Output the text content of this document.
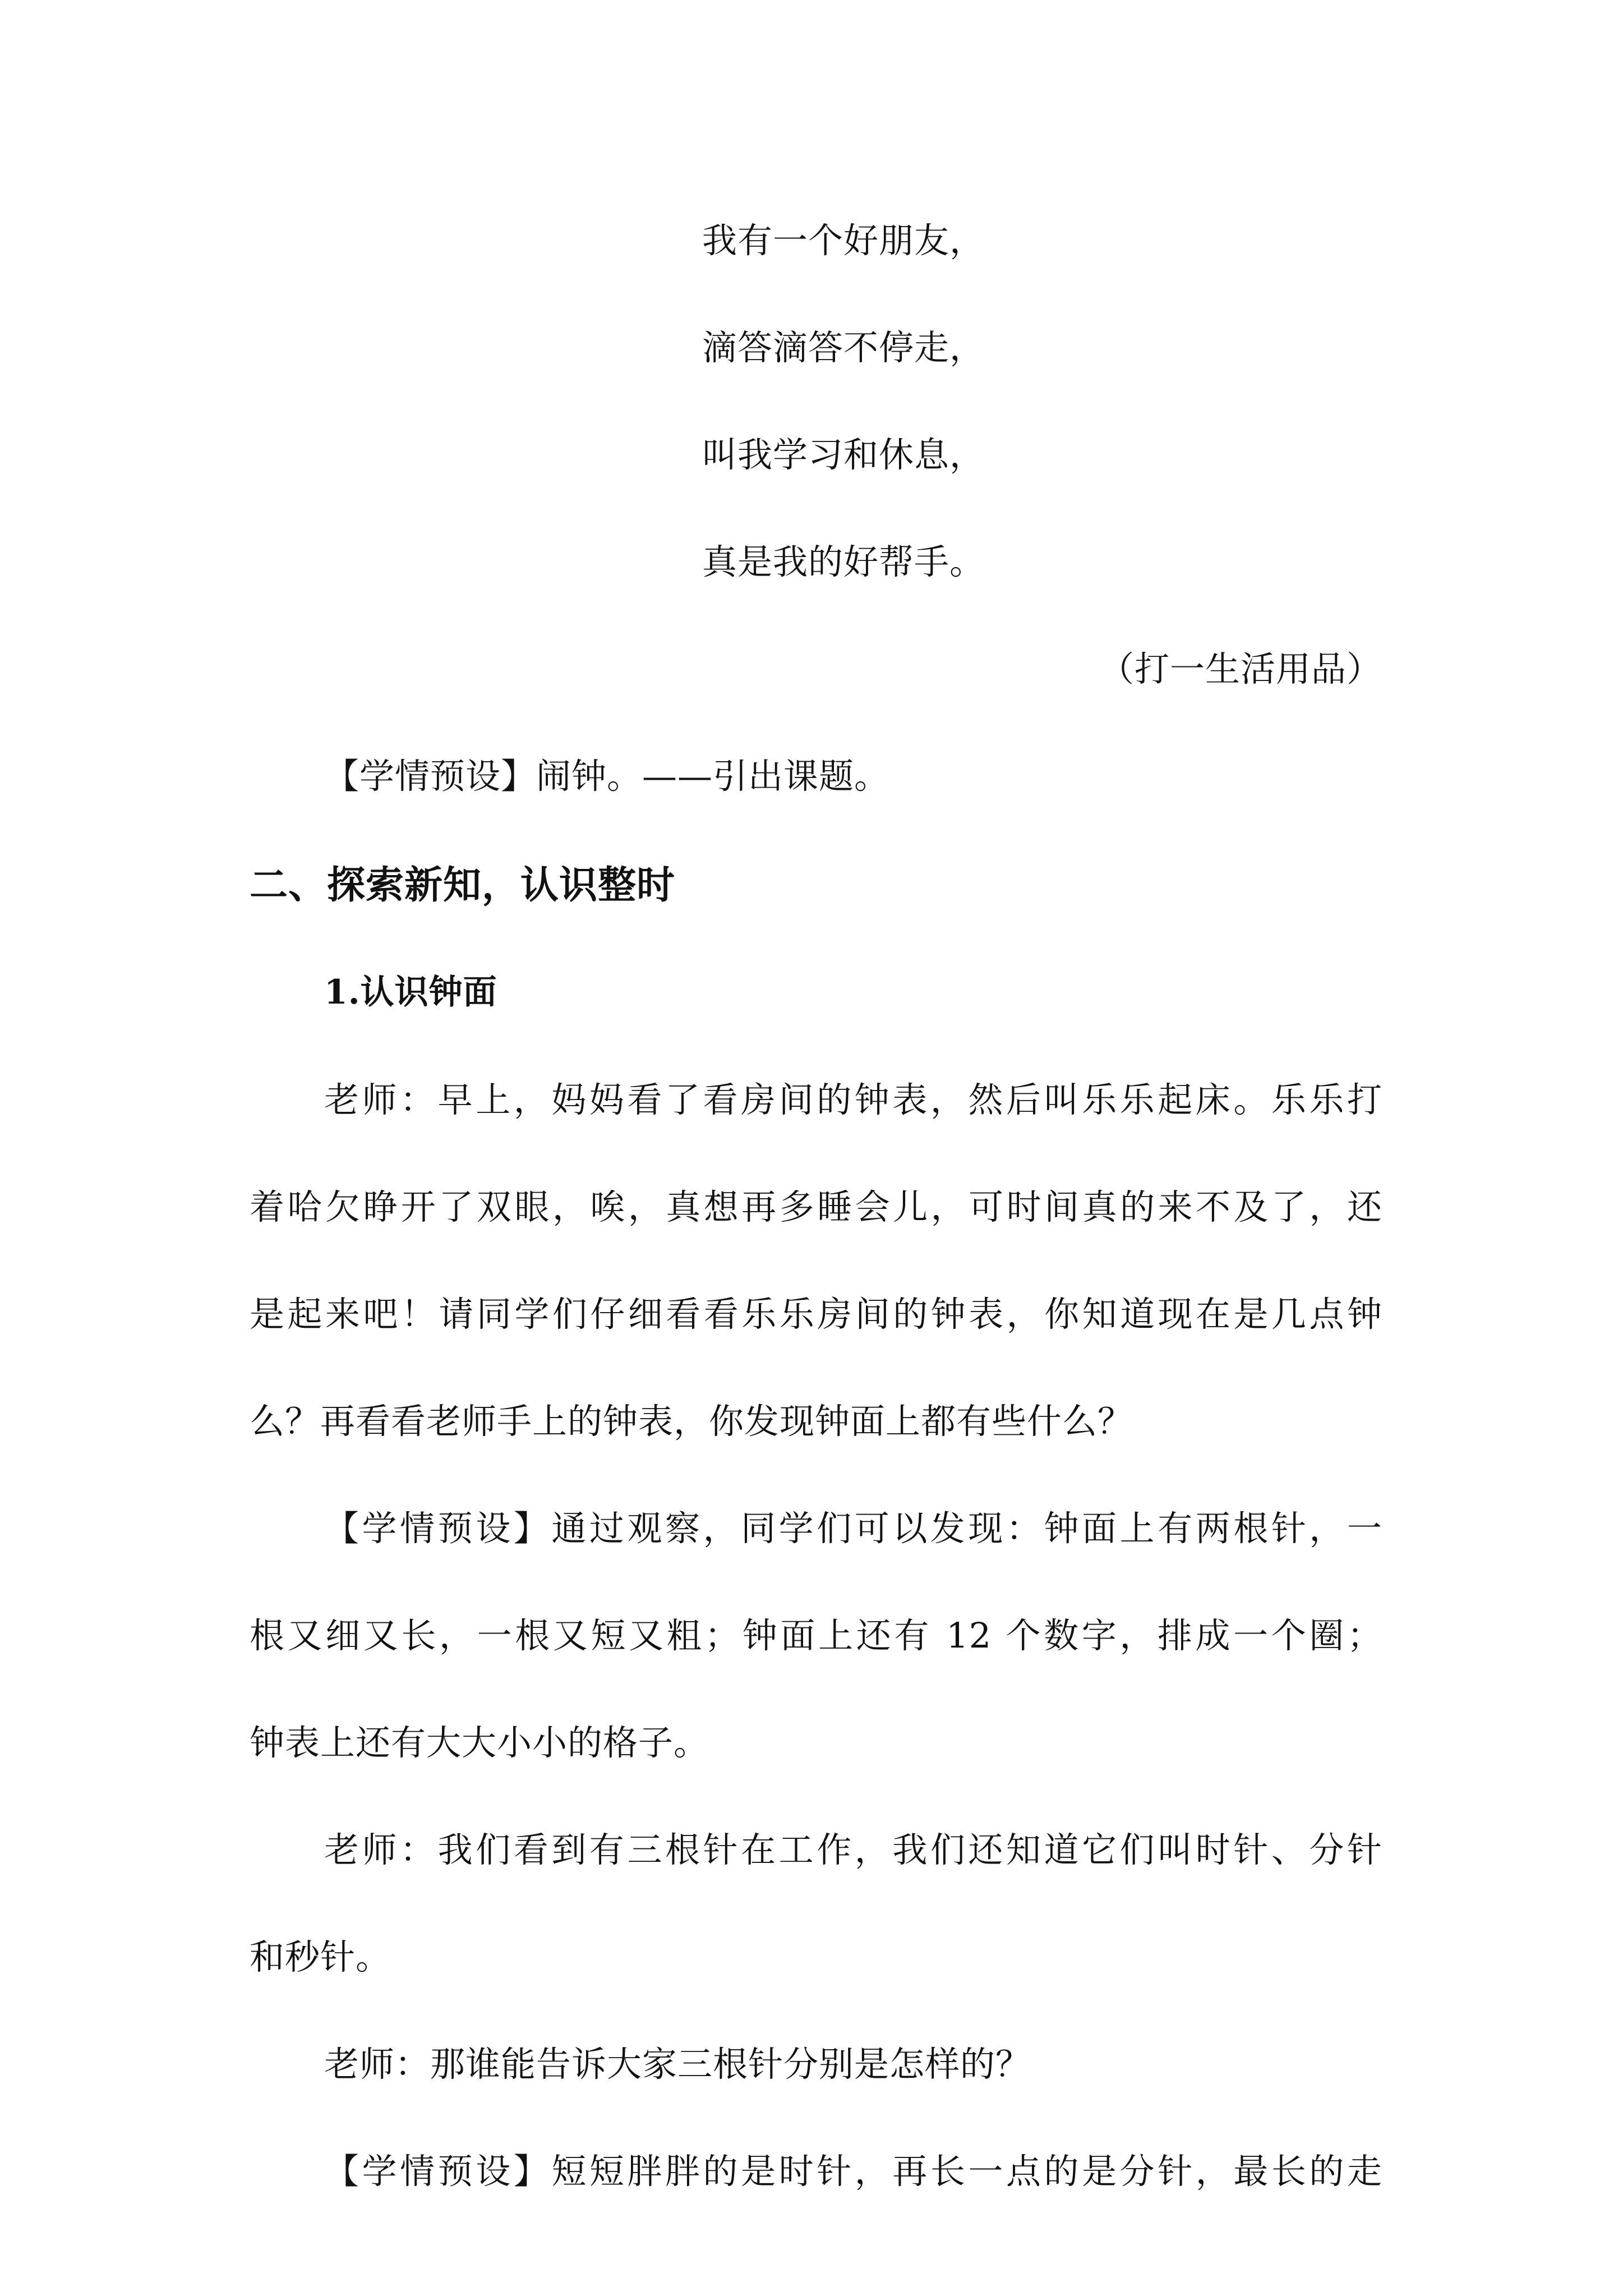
我有一个好朋友，
滴答滴答不停走，
叫我学习和休息，
真是我的好帮手。
（打一生活用品）
【学情预设】闹钟。——引出课题。
二、探索新知，认识整时
1.认识钟面
老师：早上，妈妈看了看房间的钟表，然后叫乐乐起床。乐乐打
着哈欠睁开了双眼，唉，真想再多睡会儿，可时间真的来不及了，还
是起来吧！请同学们仔细看看乐乐房间的钟表，你知道现在是几点钟
么？再看看老师手上的钟表，你发现钟面上都有些什么？
【学情预设】通过观察，同学们可以发现：钟面上有两根针，一
根又细又长，一根又短又粗；钟面上还有 12 个数字，排成一个圈；
钟表上还有大大小小的格子。
老师：我们看到有三根针在工作，我们还知道它们叫时针、分针
和秒针。
老师：那谁能告诉大家三根针分别是怎样的？
【学情预设】短短胖胖的是时针，再长一点的是分针，最长的走
